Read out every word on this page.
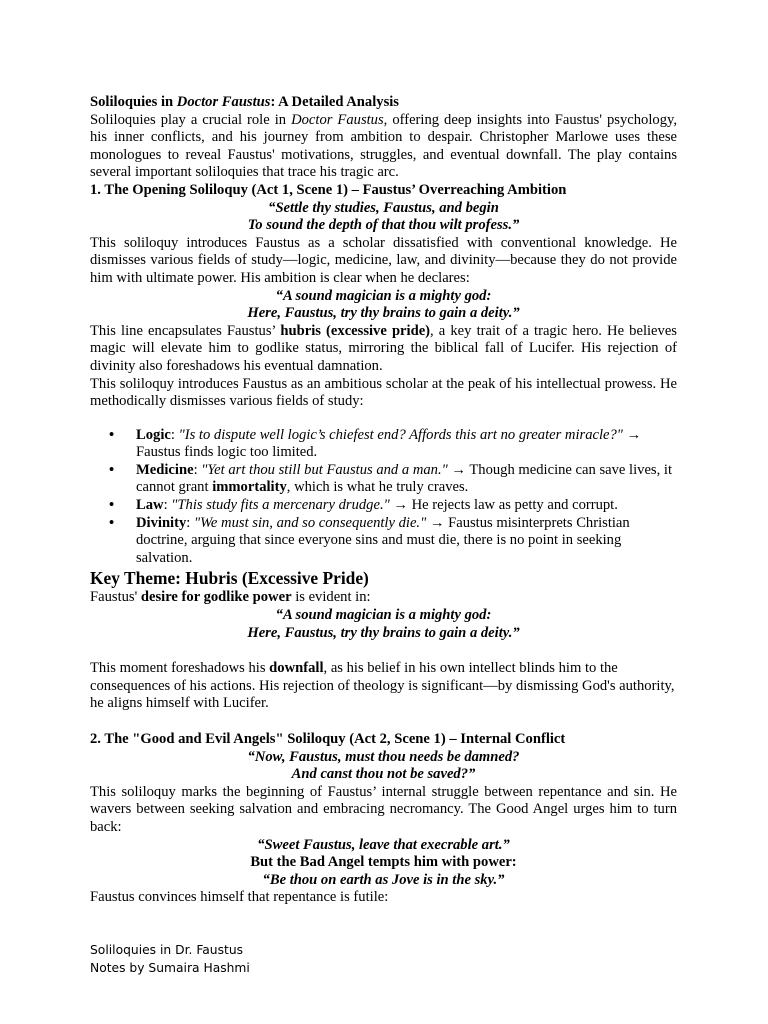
Soliloquies in Doctor Faustus: A Detailed Analysis

Soliloquies play a crucial role in Doctor Faustus, offering deep insights into Faustus' psychology, his inner conflicts, and his journey from ambition to despair. Christopher Marlowe uses these monologues to reveal Faustus' motivations, struggles, and eventual downfall. The play contains several important soliloquies that trace his tragic arc.

1. The Opening Soliloquy (Act 1, Scene 1) – Faustus’ Overreaching Ambition

“Settle thy studies, Faustus, and begin

To sound the depth of that thou wilt profess.”

This soliloquy introduces Faustus as a scholar dissatisfied with conventional knowledge. He dismisses various fields of study—logic, medicine, law, and divinity—because they do not provide him with ultimate power. His ambition is clear when he declares:

“A sound magician is a mighty god:

Here, Faustus, try thy brains to gain a deity.”

This line encapsulates Faustus’ hubris (excessive pride), a key trait of a tragic hero. He believes magic will elevate him to godlike status, mirroring the biblical fall of Lucifer. His rejection of divinity also foreshadows his eventual damnation.

This soliloquy introduces Faustus as an ambitious scholar at the peak of his intellectual prowess. He methodically dismisses various fields of study:

• Logic: "Is to dispute well logic’s chiefest end? Affords this art no greater miracle?" → Faustus finds logic too limited.
• Medicine: "Yet art thou still but Faustus and a man." → Though medicine can save lives, it cannot grant immortality, which is what he truly craves.
• Law: "This study fits a mercenary drudge." → He rejects law as petty and corrupt.
• Divinity: "We must sin, and so consequently die." → Faustus misinterprets Christian doctrine, arguing that since everyone sins and must die, there is no point in seeking salvation.

Key Theme: Hubris (Excessive Pride)

Faustus' desire for godlike power is evident in:

“A sound magician is a mighty god:

Here, Faustus, try thy brains to gain a deity.”

This moment foreshadows his downfall, as his belief in his own intellect blinds him to the consequences of his actions. His rejection of theology is significant—by dismissing God's authority, he aligns himself with Lucifer.

2. The "Good and Evil Angels" Soliloquy (Act 2, Scene 1) – Internal Conflict

“Now, Faustus, must thou needs be damned?

And canst thou not be saved?”

This soliloquy marks the beginning of Faustus’ internal struggle between repentance and sin. He wavers between seeking salvation and embracing necromancy. The Good Angel urges him to turn back:

“Sweet Faustus, leave that execrable art.”

But the Bad Angel tempts him with power:

“Be thou on earth as Jove is in the sky.”

Faustus convinces himself that repentance is futile:

Soliloquies in Dr. Faustus
Notes by Sumaira Hashmi
